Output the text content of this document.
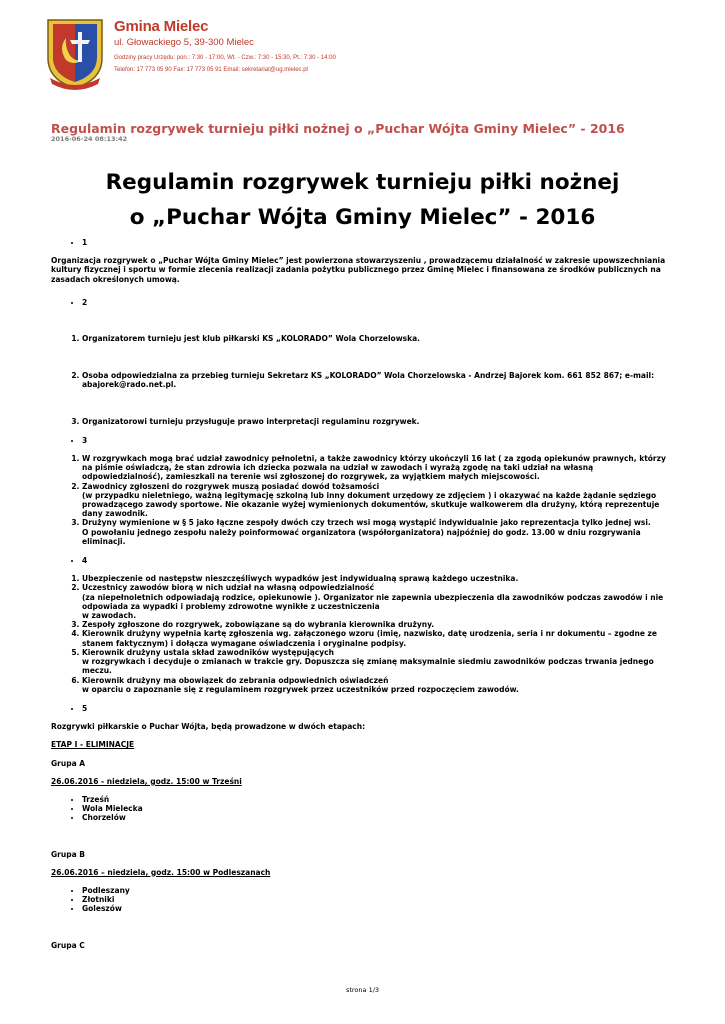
Gmina Mielec
ul. Głowackiego 5, 39-300 Mielec
Godziny pracy Urzędu: pon.: 7:30 - 17:00, Wt. - Czw.: 7:30 - 15:30, Pt.: 7:30 - 14:00
Telefon: 17 773 05 90 Fax: 17 773 05 91 Email: sekretariat@ug.mielec.pl
Regulamin rozgrywek turnieju piłki nożnej o „Puchar Wójta Gminy Mielec” - 2016
2016-06-24 08:13:42
Regulamin rozgrywek turnieju piłki nożnej
o „Puchar Wójta Gminy Mielec” - 2016
• 1

Organizacja rozgrywek o „Puchar Wójta Gminy Mielec” jest powierzona stowarzyszeniu , prowadzącemu działalność w zakresie upowszechniania kultury fizycznej i sportu w formie zlecenia realizacji zadania pożytku publicznego przez Gminę Mielec i finansowana ze środków publicznych na zasadach określonych umową.

• 2
1. Organizatorem turnieju jest klub piłkarski KS „KOLORADO” Wola Chorzelowska.
2. Osoba odpowiedzialna za przebieg turnieju Sekretarz KS „KOLORADO” Wola Chorzelowska - Andrzej Bajorek kom. 661 852 867; e-mail: abajorek@rado.net.pl.
3. Organizatorowi turnieju przysługuje prawo interpretacji regulaminu rozgrywek.
• 3
1. W rozgrywkach mogą brać udział zawodnicy pełnoletni, a także zawodnicy którzy ukończyli 16 lat ( za zgodą opiekunów prawnych, którzy na piśmie oświadczą, że stan zdrowia ich dziecka pozwala na udział w zawodach i wyrażą zgodę na taki udział na własną odpowiedzialność), zamieszkali na terenie wsi zgłoszonej do rozgrywek, za wyjątkiem małych miejscowości.
2. Zawodnicy zgłoszeni do rozgrywek muszą posiadać dowód tożsamości
(w przypadku nieletniego, ważną legitymację szkolną lub inny dokument urzędowy ze zdjęciem ) i okazywać na każde żądanie sędziego prowadzącego zawody sportowe. Nie okazanie wyżej wymienionych dokumentów, skutkuje walkowerem dla drużyny, którą reprezentuje dany zawodnik.
3. Drużyny wymienione w § 5 jako łączne zespoły dwóch czy trzech wsi mogą wystąpić indywidualnie jako reprezentacja tylko jednej wsi.
O powołaniu jednego zespołu należy poinformować organizatora (współorganizatora) najpóźniej do godz. 13.00 w dniu rozgrywania eliminacji.
• 4
1. Ubezpieczenie od następstw nieszczęśliwych wypadków jest indywidualną sprawą każdego uczestnika.
2. Uczestnicy zawodów biorą w nich udział na własną odpowiedzialność
(za niepełnoletnich odpowiadają rodzice, opiekunowie ). Organizator nie zapewnia ubezpieczenia dla zawodników podczas zawodów i nie odpowiada za wypadki i problemy zdrowotne wynikłe z uczestniczenia
w zawodach.
3. Zespoły zgłoszone do rozgrywek, zobowiązane są do wybrania kierownika drużyny.
4. Kierownik drużyny wypełnia kartę zgłoszenia wg. załączonego wzoru (imię, nazwisko, datę urodzenia, seria i nr dokumentu – zgodne ze stanem faktycznym) i dołącza wymagane oświadczenia i oryginalne podpisy.
5. Kierownik drużyny ustala skład zawodników występujących
w rozgrywkach i decyduje o zmianach w trakcie gry. Dopuszcza się zmianę maksymalnie siedmiu zawodników podczas trwania jednego meczu.
6. Kierownik drużyny ma obowiązek do zebrania odpowiednich oświadczeń
w oparciu o zapoznanie się z regulaminem rozgrywek przez uczestników przed rozpoczęciem zawodów.
• 5

Rozgrywki piłkarskie o Puchar Wójta, będą prowadzone w dwóch etapach:

ETAP I - ELIMINACJE

Grupa A

26.06.2016 - niedziela, godz. 15:00 w Trześni

• Trześń
• Wola Mielecka
• Chorzelów

Grupa B

26.06.2016 – niedziela, godz. 15:00 w Podleszanach

• Podleszany
• Złotniki
• Goleszów

Grupa C

strona 1/3
